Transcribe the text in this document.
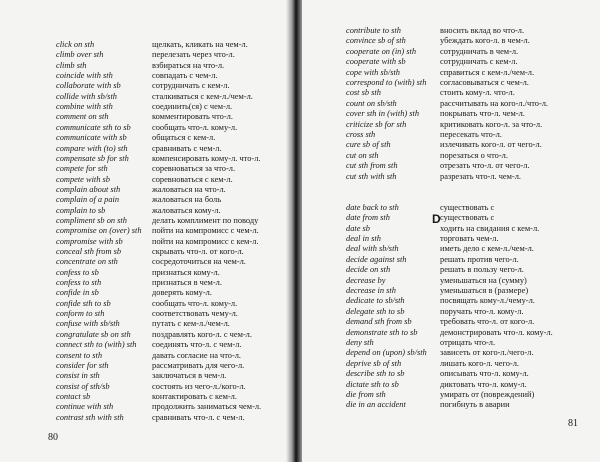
click on sth	щелкать, кликать на чем-л.
climb over sth	перелезать через что-л.
climb sth	взбираться на что-л.
coincide with sth	совпадать с чем-л.
collaborate with sb	сотрудничать с кем-л.
collide with sb/sth	сталкиваться с кем-л./чем-л.
combine with sth	соединить(ся) с чем-л.
comment on sth	комментировать что-л.
communicate sth to sb	сообщать что-л. кому-л.
communicate with sb	общаться с кем-л.
compare with (to) sth	сравнивать с чем-л.
compensate sb for sth	компенсировать кому-л. что-л.
compete for sth	соревноваться за что-л.
compete with sb	соревноваться с кем-л.
complain about sth	жаловаться на что-л.
complain of a pain	жаловаться на боль
complain to sb	жаловаться кому-л.
compliment sb on sth	делать комплимент по поводу
compromise on (over) sth пойти на компромисс с чем-л.
compromise with sb	пойти на компромисс с кем-л.
conceal sth from sb	скрывать что-л. от кого-л.
concentrate on sth	сосредоточиться на чем-л.
confess to sb	признаться кому-л.
confess to sth	признаться в чем-л.
confide in sb	доверять кому-л.
confide sth to sb	сообщать что-л. кому-л.
conform to sth	соответствовать чему-л.
confuse with sb/sth	путать с кем-л./чем-л.
congratulate sb on sth	поздравлять кого-л. с чем-л.
connect sth to (with) sth соединять что-л. с чем-л.
consent to sth	давать согласие на что-л.
consider for sth	рассматривать для чего-л.
consist in sth	заключаться в чем-л.
consist of sth/sb	состоять из чего-л./кого-л.
contact sb	контактировать с кем-л.
continue with sth	продолжить заниматься чем-л.
contrast sth with sth	сравнивать что-л. с чем-л.
80
contribute to sth	вносить вклад во что-л.
convince sb of sth	убеждать кого-л. в чем-л.
cooperate on (in) sth	сотрудничать в чем-л.
cooperate with sb	сотрудничать с кем-л.
cope with sb/sth	справиться с кем-л./чем-л.
correspond to (with) sth согласовываться с чем-л.
cost sb sth	стоить кому-л. что-л.
count on sb/sth	рассчитывать на кого-л./что-л.
cover sth in (with) sth покрывать что-л. чем-л.
criticize sb for sth	критиковать кого-л. за что-л.
cross sth	пересекать что-л.
cure sb of sth	излечивать кого-л. от чего-л.
cut on sth	порезаться о что-л.
cut sth from sth	отрезать что-л. от чего-л.
cut sth with sth	разрезать что-л. чем-л.
date back to sth	существовать с
date from sth	существовать с
date sb	ходить на свидания с кем-л.
deal in sth	торговать чем-л.
deal with sb/sth	иметь дело с кем-л./чем-л.
decide against sth	решать против чего-л.
decide on sth	решать в пользу чего-л.
decrease by	уменьшаться на (сумму)
decrease in sth	уменьшаться в (размере)
dedicate to sb/sth	посвящать кому-л./чему-л.
delegate sth to sb	поручать что-л. кому-л.
demand sth from sb	требовать что-л. от кого-л.
demonstrate sth to sb	демонстрировать что-л. кому-л.
deny sth	отрицать что-л.
depend on (upon) sb/sth зависеть от кого-л./чего-л.
deprive sb of sth	лишать кого-л. чего-л.
describe sth to sb	описывать что-л. кому-л.
dictate sth to sb	диктовать что-л. кому-л.
die from sth	умирать от (повреждений)
die in an accident	погибнуть в аварии
D
81
